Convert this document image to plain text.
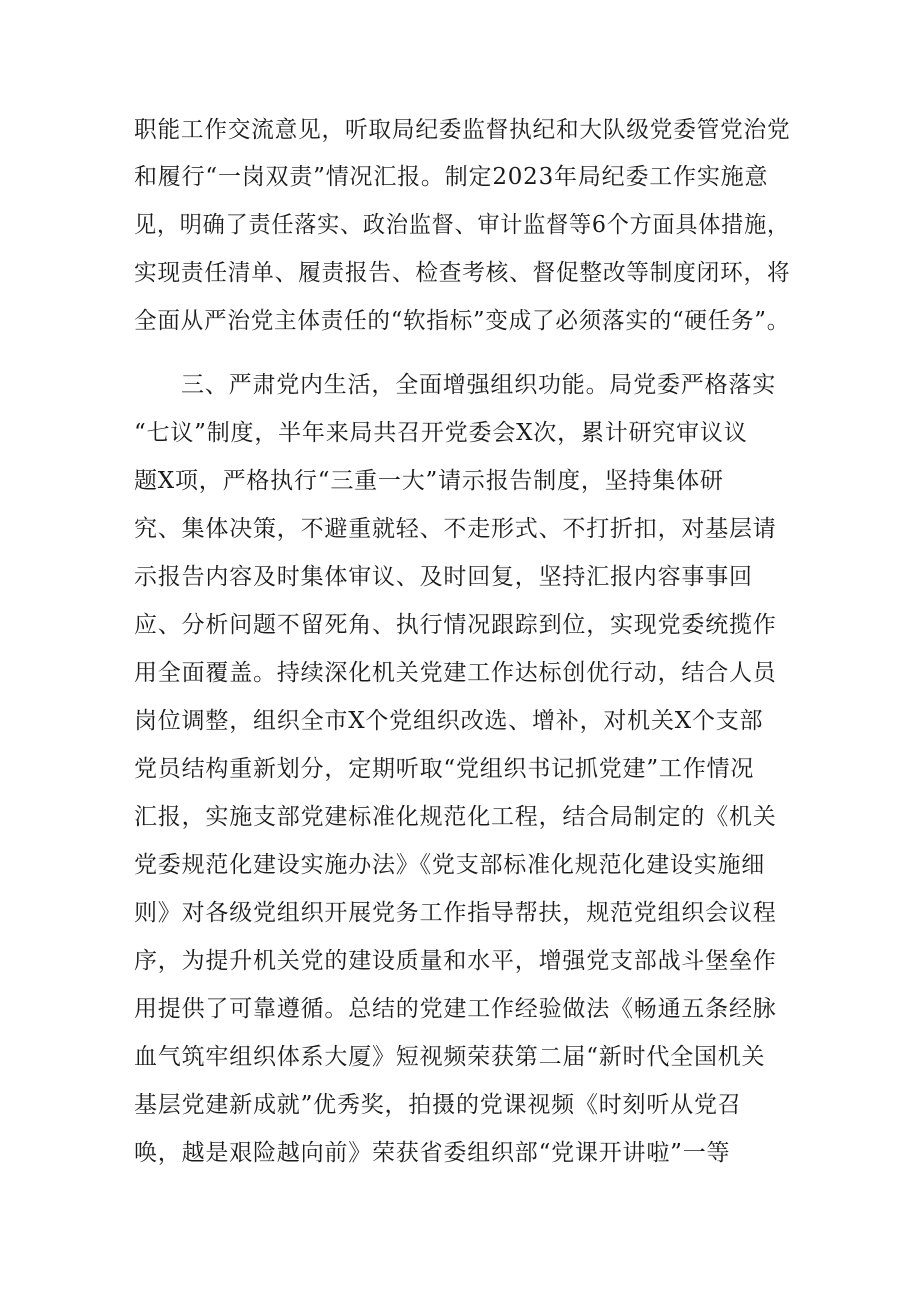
职能工作交流意见，听取局纪委监督执纪和大队级党委管党治党
和履行“一岗双责”情况汇报。制定2023年局纪委工作实施意
见，明确了责任落实、政治监督、审计监督等6个方面具体措施，
实现责任清单、履责报告、检查考核、督促整改等制度闭环，将
全面从严治党主体责任的“软指标”变成了必须落实的“硬任务”。
三、严肃党内生活，全面增强组织功能。局党委严格落实
“七议”制度，半年来局共召开党委会X次，累计研究审议议
题X项，严格执行“三重一大”请示报告制度，坚持集体研
究、集体决策，不避重就轻、不走形式、不打折扣，对基层请
示报告内容及时集体审议、及时回复，坚持汇报内容事事回
应、分析问题不留死角、执行情况跟踪到位，实现党委统揽作
用全面覆盖。持续深化机关党建工作达标创优行动，结合人员
岗位调整，组织全市X个党组织改选、增补，对机关X个支部
党员结构重新划分，定期听取“党组织书记抓党建”工作情况
汇报，实施支部党建标准化规范化工程，结合局制定的《机关
党委规范化建设实施办法》《党支部标准化规范化建设实施细
则》对各级党组织开展党务工作指导帮扶，规范党组织会议程
序，为提升机关党的建设质量和水平，增强党支部战斗堡垒作
用提供了可靠遵循。总结的党建工作经验做法《畅通五条经脉
血气筑牢组织体系大厦》短视频荣获第二届“新时代全国机关
基层党建新成就”优秀奖，拍摄的党课视频《时刻听从党召
唤，越是艰险越向前》荣获省委组织部“党课开讲啦”一等
